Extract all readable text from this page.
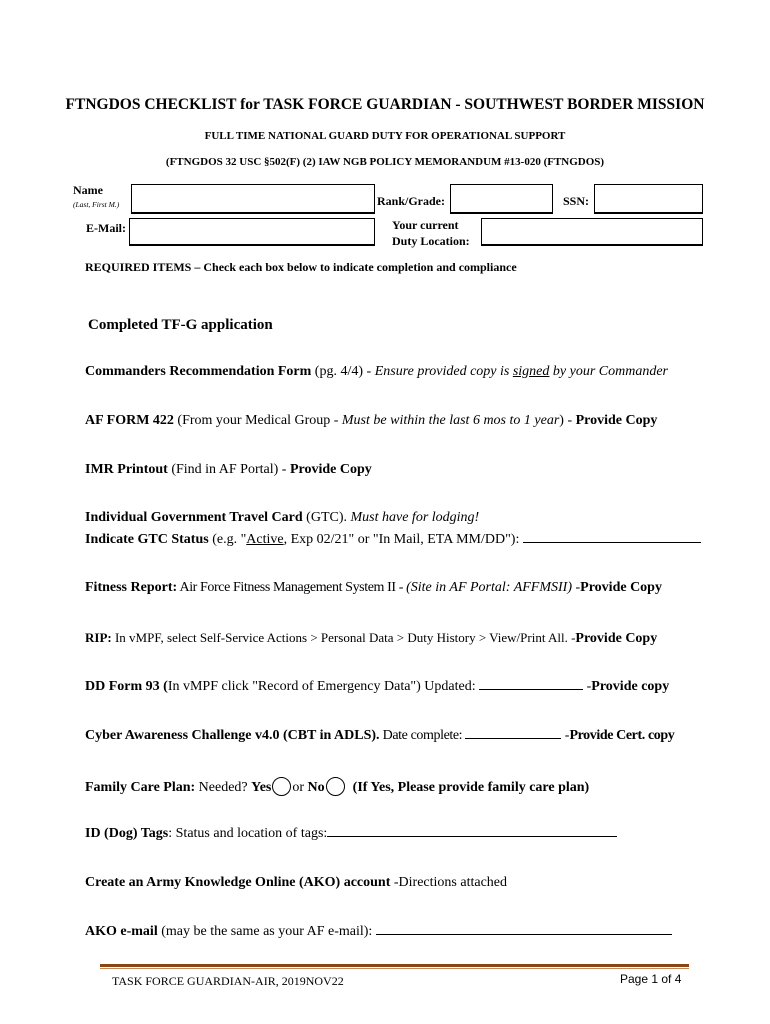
FTNGDOS CHECKLIST for TASK FORCE GUARDIAN - SOUTHWEST BORDER MISSION
FULL TIME NATIONAL GUARD DUTY FOR OPERATIONAL SUPPORT
(FTNGDOS 32 USC §502(F) (2) IAW NGB POLICY MEMORANDUM #13-020 (FTNGDOS)
Name
(Last, First M.)	Rank/Grade:	SSN:
E-Mail:	Your current
Duty Location:
REQUIRED ITEMS – Check each box below to indicate completion and compliance
Completed TF-G application
Commanders Recommendation Form (pg. 4/4) - Ensure provided copy is signed by your Commander
AF FORM 422 (From your Medical Group - Must be within the last 6 mos to 1 year) - Provide Copy
IMR Printout (Find in AF Portal) - Provide Copy
Individual Government Travel Card (GTC). Must have for lodging!
Indicate GTC Status (e.g. "Active, Exp 02/21" or "In Mail, ETA MM/DD"):
Fitness Report: Air Force Fitness Management System II - (Site in AF Portal: AFFMSII) -Provide Copy
RIP: In vMPF, select Self-Service Actions > Personal Data > Duty History > View/Print All. -Provide Copy
DD Form 93 (In vMPF click "Record of Emergency Data") Updated:	-Provide copy
Cyber Awareness Challenge v4.0 (CBT in ADLS). Date complete:	-Provide Cert. copy
Family Care Plan: Needed? Yes or No (If Yes, Please provide family care plan)
ID (Dog) Tags: Status and location of tags:
Create an Army Knowledge Online (AKO) account -Directions attached
AKO e-mail (may be the same as your AF e-mail):
TASK FORCE GUARDIAN-AIR, 2019NOV22	Page 1 of 4
